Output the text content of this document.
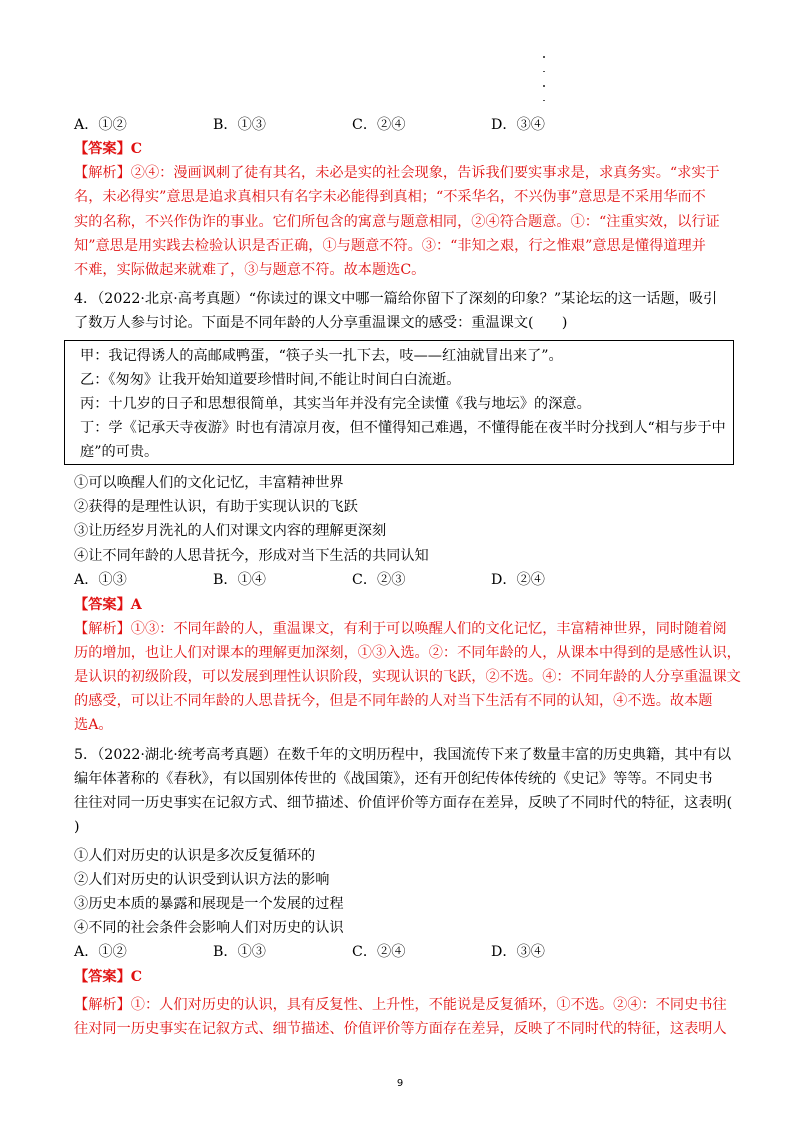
A．①②	B．①③	C．②④	D．③④
【答案】C
【解析】②④：漫画讽刺了徒有其名，未必是实的社会现象，告诉我们要实事求是，求真务实。“求实于
名，未必得实”意思是追求真相只有名字未必能得到真相；“不采华名，不兴伪事”意思是不采用华而不
实的名称，不兴作伪诈的事业。它们所包含的寓意与题意相同，②④符合题意。①：“注重实效，以行证
知”意思是用实践去检验认识是否正确，①与题意不符。③：“非知之艰，行之惟艰”意思是懂得道理并
不难，实际做起来就难了，③与题意不符。故本题选C。
4．（2022·北京·高考真题）“你读过的课文中哪一篇给你留下了深刻的印象？”某论坛的这一话题，吸引
了数万人参与讨论。下面是不同年龄的人分享重温课文的感受：重温课文(　　)
甲：我记得诱人的高邮咸鸭蛋，“筷子头一扎下去，吱——红油就冒出来了”。
乙：《匆匆》让我开始知道要珍惜时间,不能让时间白白流逝。
丙：十几岁的日子和思想很简单，其实当年并没有完全读懂《我与地坛》的深意。
丁：学《记承天寺夜游》时也有清凉月夜，但不懂得知己难遇，不懂得能在夜半时分找到人“相与步于中
庭”的可贵。
①可以唤醒人们的文化记忆，丰富精神世界
②获得的是理性认识，有助于实现认识的飞跃
③让历经岁月洗礼的人们对课文内容的理解更深刻
④让不同年龄的人思昔抚今，形成对当下生活的共同认知
A．①③	B．①④	C．②③	D．②④
【答案】A
【解析】①③：不同年龄的人，重温课文，有利于可以唤醒人们的文化记忆，丰富精神世界，同时随着阅
历的增加，也让人们对课本的理解更加深刻，①③入选。②：不同年龄的人，从课本中得到的是感性认识，
是认识的初级阶段，可以发展到理性认识阶段，实现认识的飞跃，②不选。④：不同年龄的人分享重温课文
的感受，可以让不同年龄的人思昔抚今，但是不同年龄的人对当下生活有不同的认知，④不选。故本题
选A。
5．（2022·湖北·统考高考真题）在数千年的文明历程中，我国流传下来了数量丰富的历史典籍，其中有以
编年体著称的《春秋》，有以国别体传世的《战国策》，还有开创纪传体传统的《史记》等等。不同史书
往往对同一历史事实在记叙方式、细节描述、价值评价等方面存在差异，反映了不同时代的特征，这表明(
)
①人们对历史的认识是多次反复循环的
②人们对历史的认识受到认识方法的影响
③历史本质的暴露和展现是一个发展的过程
④不同的社会条件会影响人们对历史的认识
A．①②	B．①③	C．②④	D．③④
【答案】C
【解析】①：人们对历史的认识，具有反复性、上升性，不能说是反复循环，①不选。②④：不同史书往
往对同一历史事实在记叙方式、细节描述、价值评价等方面存在差异，反映了不同时代的特征，这表明人
9
